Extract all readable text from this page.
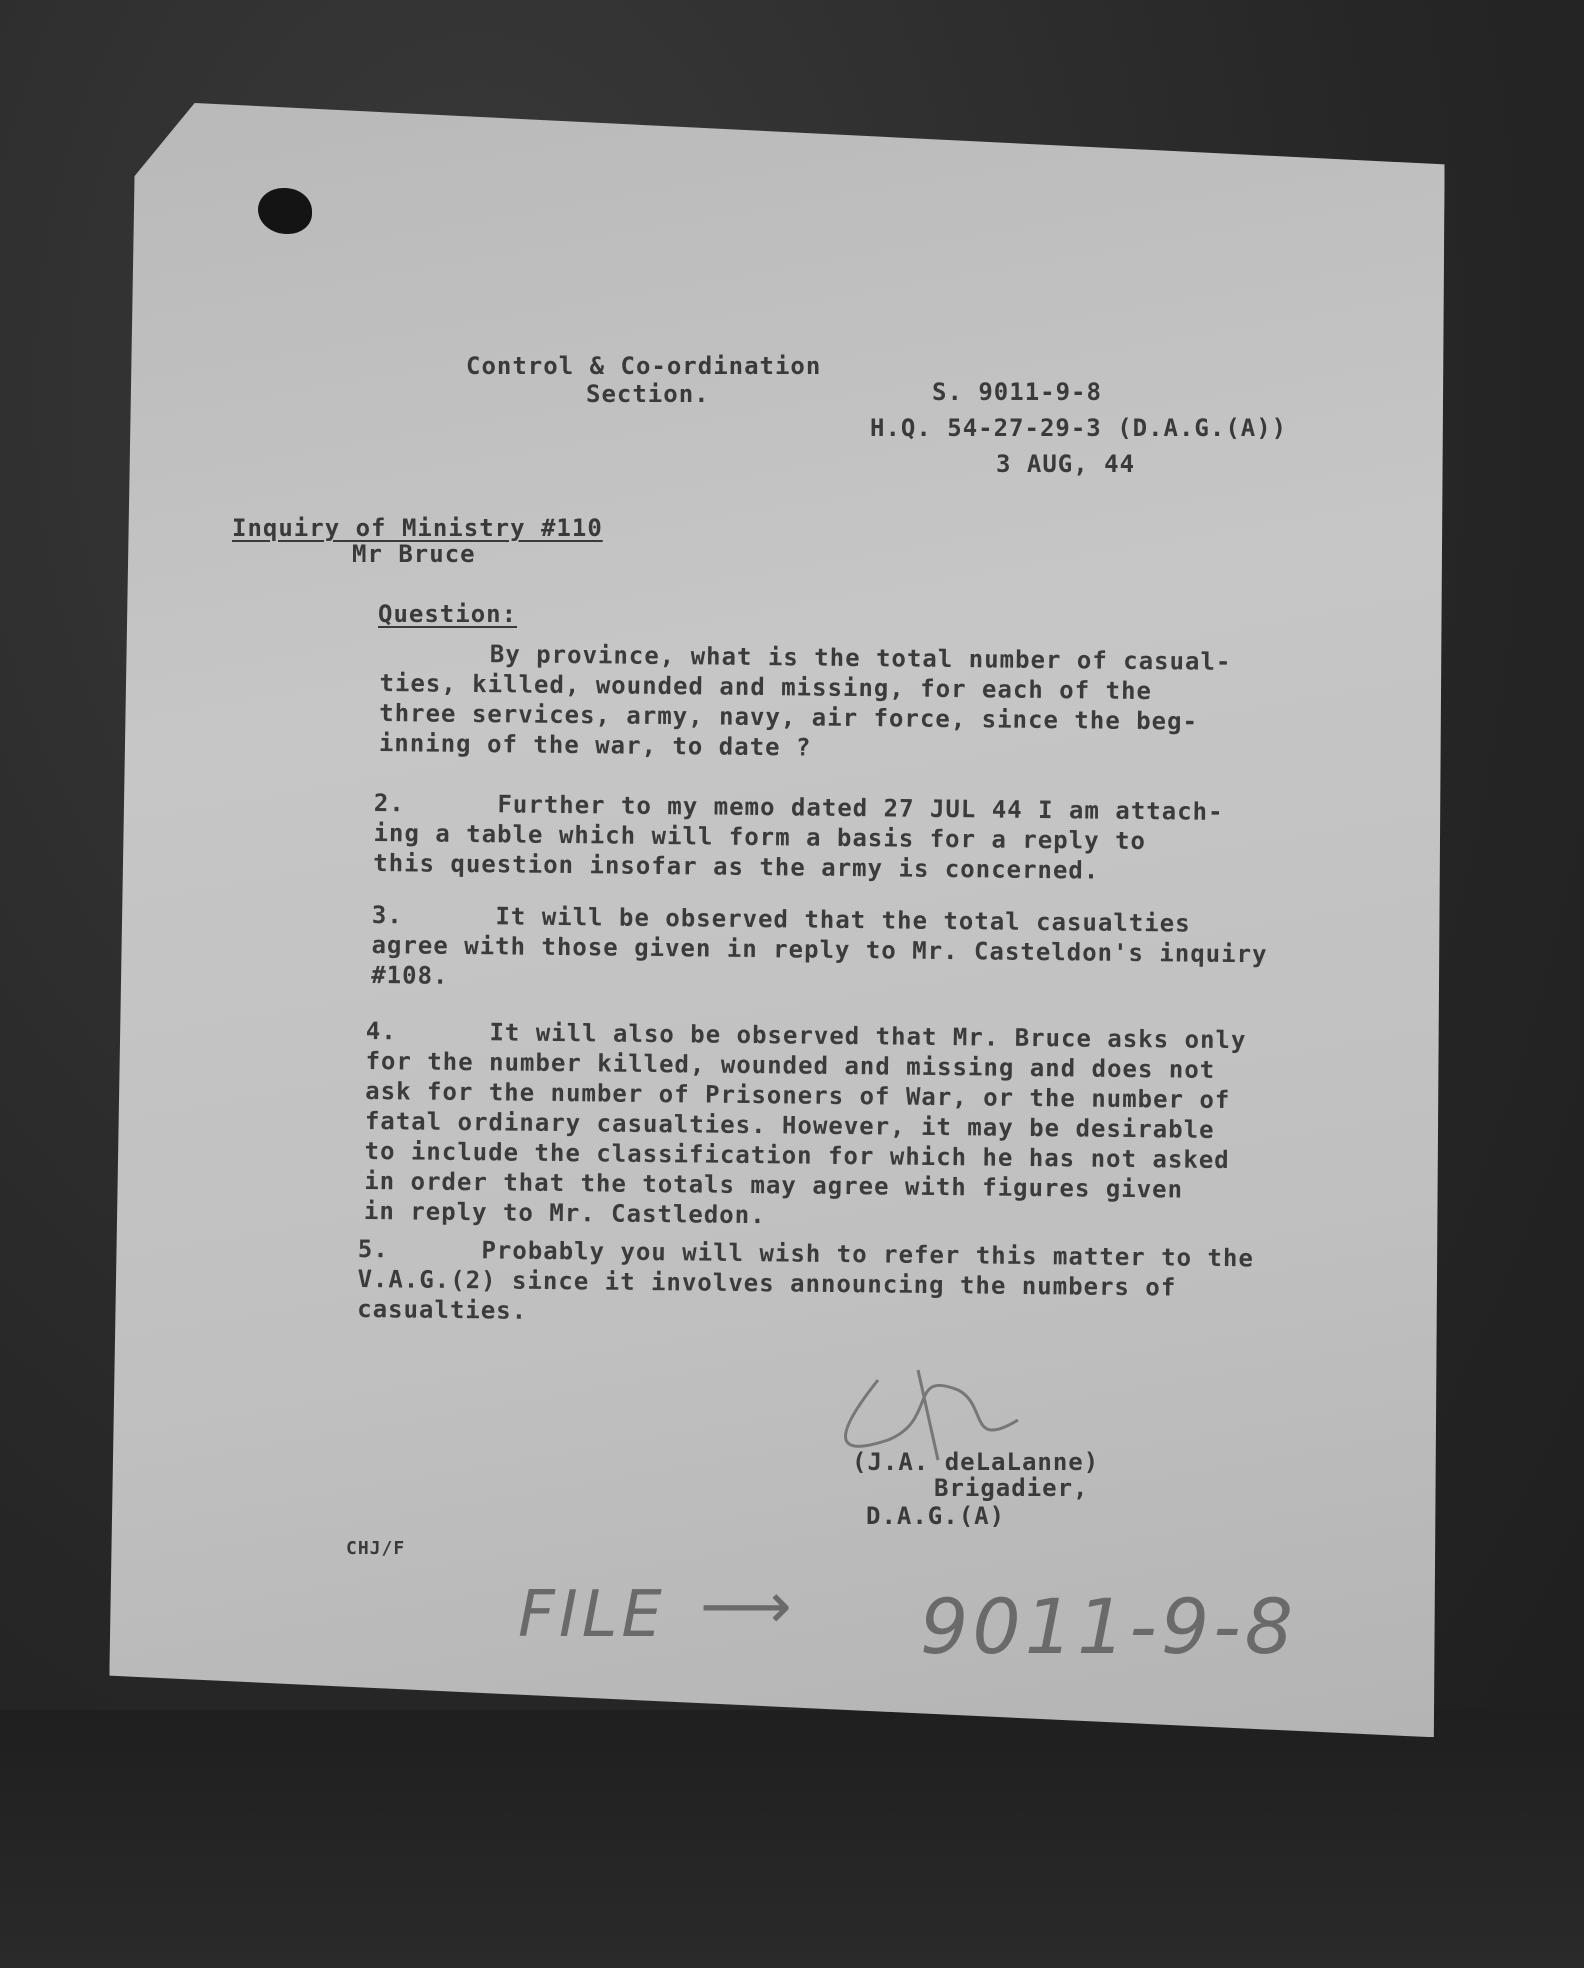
Control & Co-ordination
Section.	S. 9011-9-8
H.Q. 54-27-29-3 (D.A.G.(A))
3 AUG, 44
Inquiry of Ministry #110
Mr Bruce
Question:
By province, what is the total number of casual-
ties, killed, wounded and missing, for each of the
three services, army, navy, air force, since the beg-
inning of the war, to date ?
2.      Further to my memo dated 27 JUL 44 I am attach-
ing a table which will form a basis for a reply to
this question insofar as the army is concerned.
3.      It will be observed that the total casualties
agree with those given in reply to Mr. Casteldon's inquiry
#108.
4.      It will also be observed that Mr. Bruce asks only
for the number killed, wounded and missing and does not
ask for the number of Prisoners of War, or the number of
fatal ordinary casualties. However, it may be desirable
to include the classification for which he has not asked
in order that the totals may agree with figures given
in reply to Mr. Castledon.
5.      Probably you will wish to refer this matter to the
V.A.G.(2) since it involves announcing the numbers of
casualties.
(J.A. deLaLanne)
Brigadier,
D.A.G.(A)
CHJ/F
FILE ⟶ 9011-9-8
